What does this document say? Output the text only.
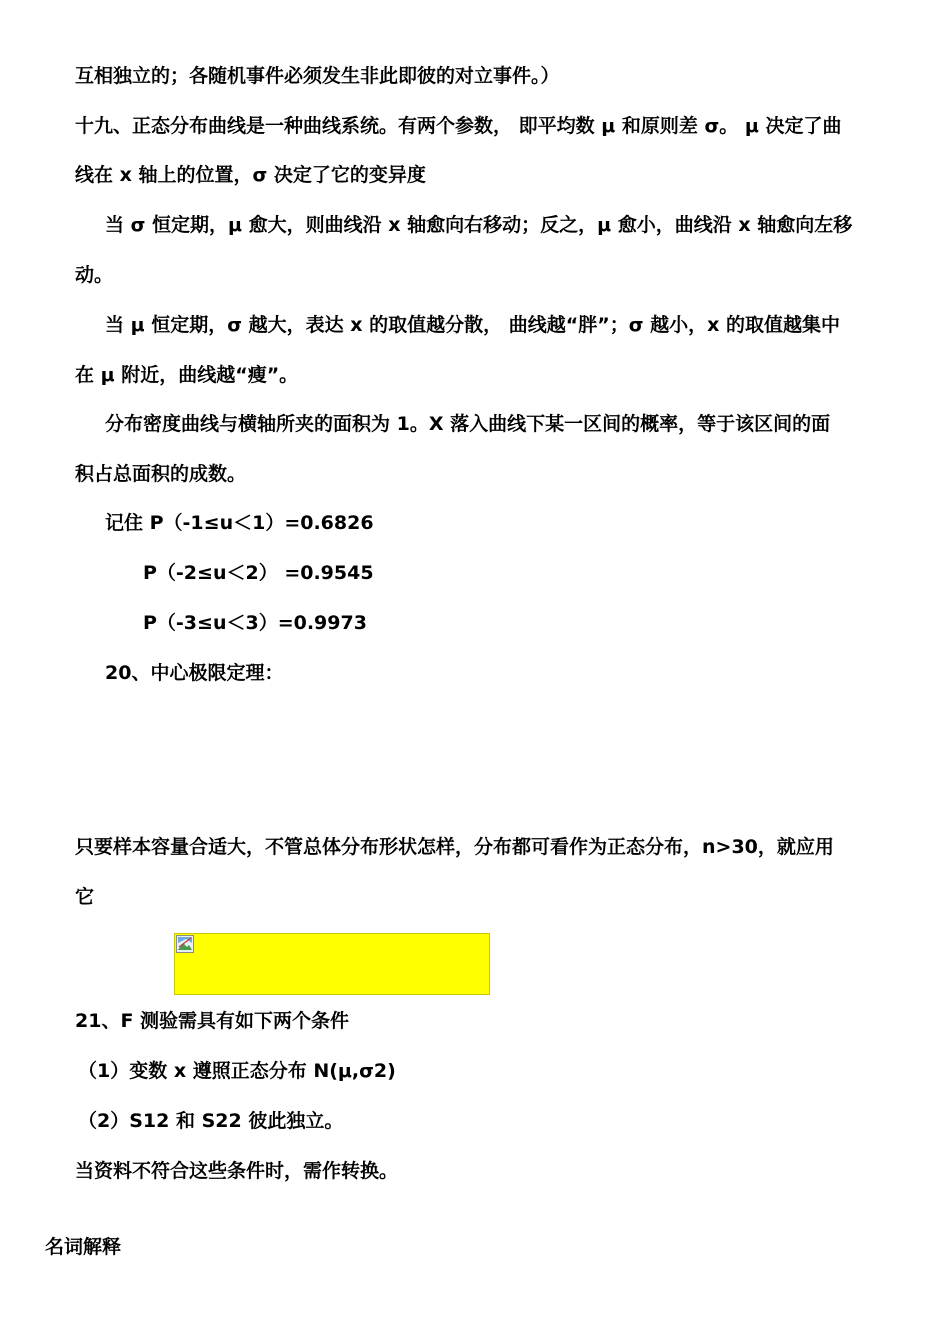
互相独立的；各随机事件必须发生非此即彼的对立事件。）
十九、正态分布曲线是一种曲线系统。有两个参数， 即平均数 μ 和原则差 σ。 μ 决定了曲
线在 x 轴上的位置，σ 决定了它的变异度
当 σ 恒定期，μ 愈大，则曲线沿 x 轴愈向右移动；反之，μ 愈小，曲线沿 x 轴愈向左移
动。
当 μ 恒定期，σ 越大，表达 x 的取值越分散， 曲线越“胖”；σ 越小，x 的取值越集中
在 μ 附近，曲线越“瘦”。
分布密度曲线与横轴所夹的面积为 1。X 落入曲线下某一区间的概率，等于该区间的面
积占总面积的成数。
记住 P（-1≤u＜1）=0.6826
P（-2≤u＜2） =0.9545
P（-3≤u＜3）=0.9973
20、中心极限定理：
只要样本容量合适大，不管总体分布形状怎样，分布都可看作为正态分布，n>30，就应用
它
21、F 测验需具有如下两个条件
（1）变数 x 遵照正态分布 N(μ,σ2)
（2）S12 和 S22 彼此独立。
当资料不符合这些条件时，需作转换。
名词解释
